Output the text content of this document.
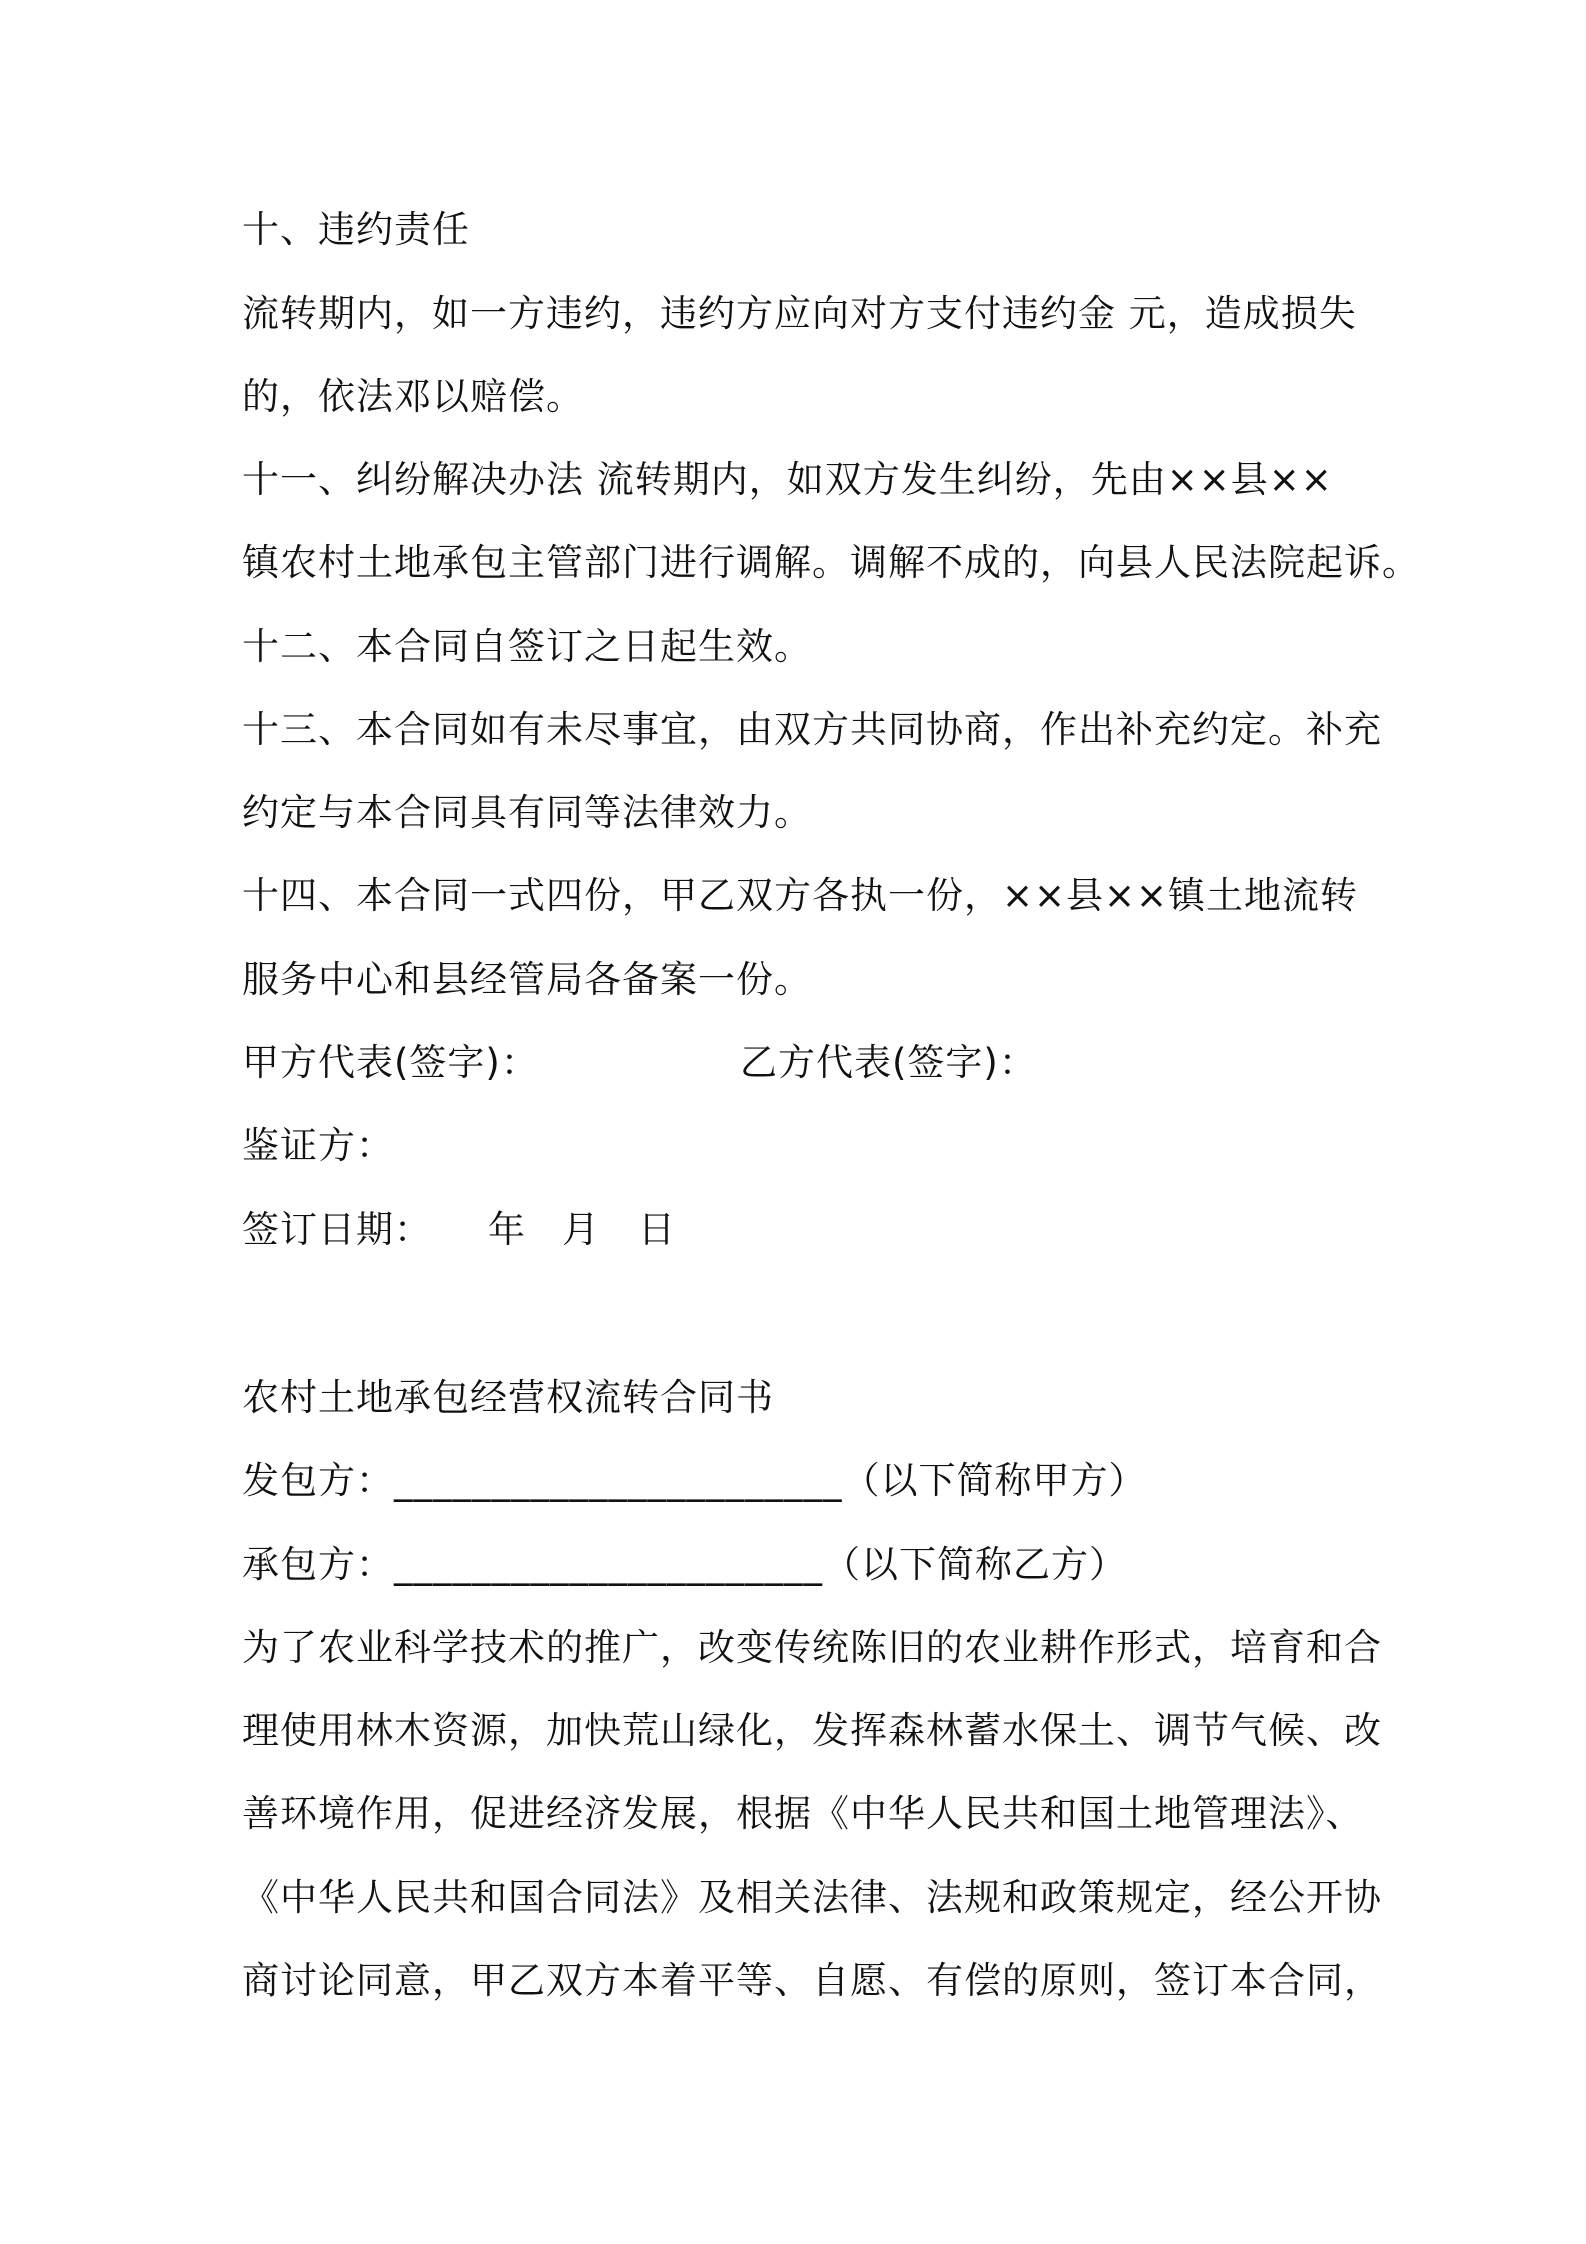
十、违约责任
流转期内，如一方违约，违约方应向对方支付违约金 元，造成损失
的，依法邓以赔偿。
十一、纠纷解决办法 流转期内，如双方发生纠纷，先由××县××
镇农村土地承包主管部门进行调解。调解不成的，向县人民法院起诉。
十二、本合同自签订之日起生效。
十三、本合同如有未尽事宜，由双方共同协商，作出补充约定。补充
约定与本合同具有同等法律效力。
十四、本合同一式四份，甲乙双方各执一份，××县××镇土地流转
服务中心和县经管局各备案一份。
甲方代表(签字)：	乙方代表(签字)：
鉴证方：
签订日期： 年 月 日
农村土地承包经营权流转合同书
发包方：_______________________（以下简称甲方）
承包方：______________________（以下简称乙方）
为了农业科学技术的推广，改变传统陈旧的农业耕作形式，培育和合
理使用林木资源，加快荒山绿化，发挥森林蓄水保土、调节气候、改
善环境作用，促进经济发展，根据《中华人民共和国土地管理法》、
《中华人民共和国合同法》及相关法律、法规和政策规定，经公开协
商讨论同意，甲乙双方本着平等、自愿、有偿的原则，签订本合同，
